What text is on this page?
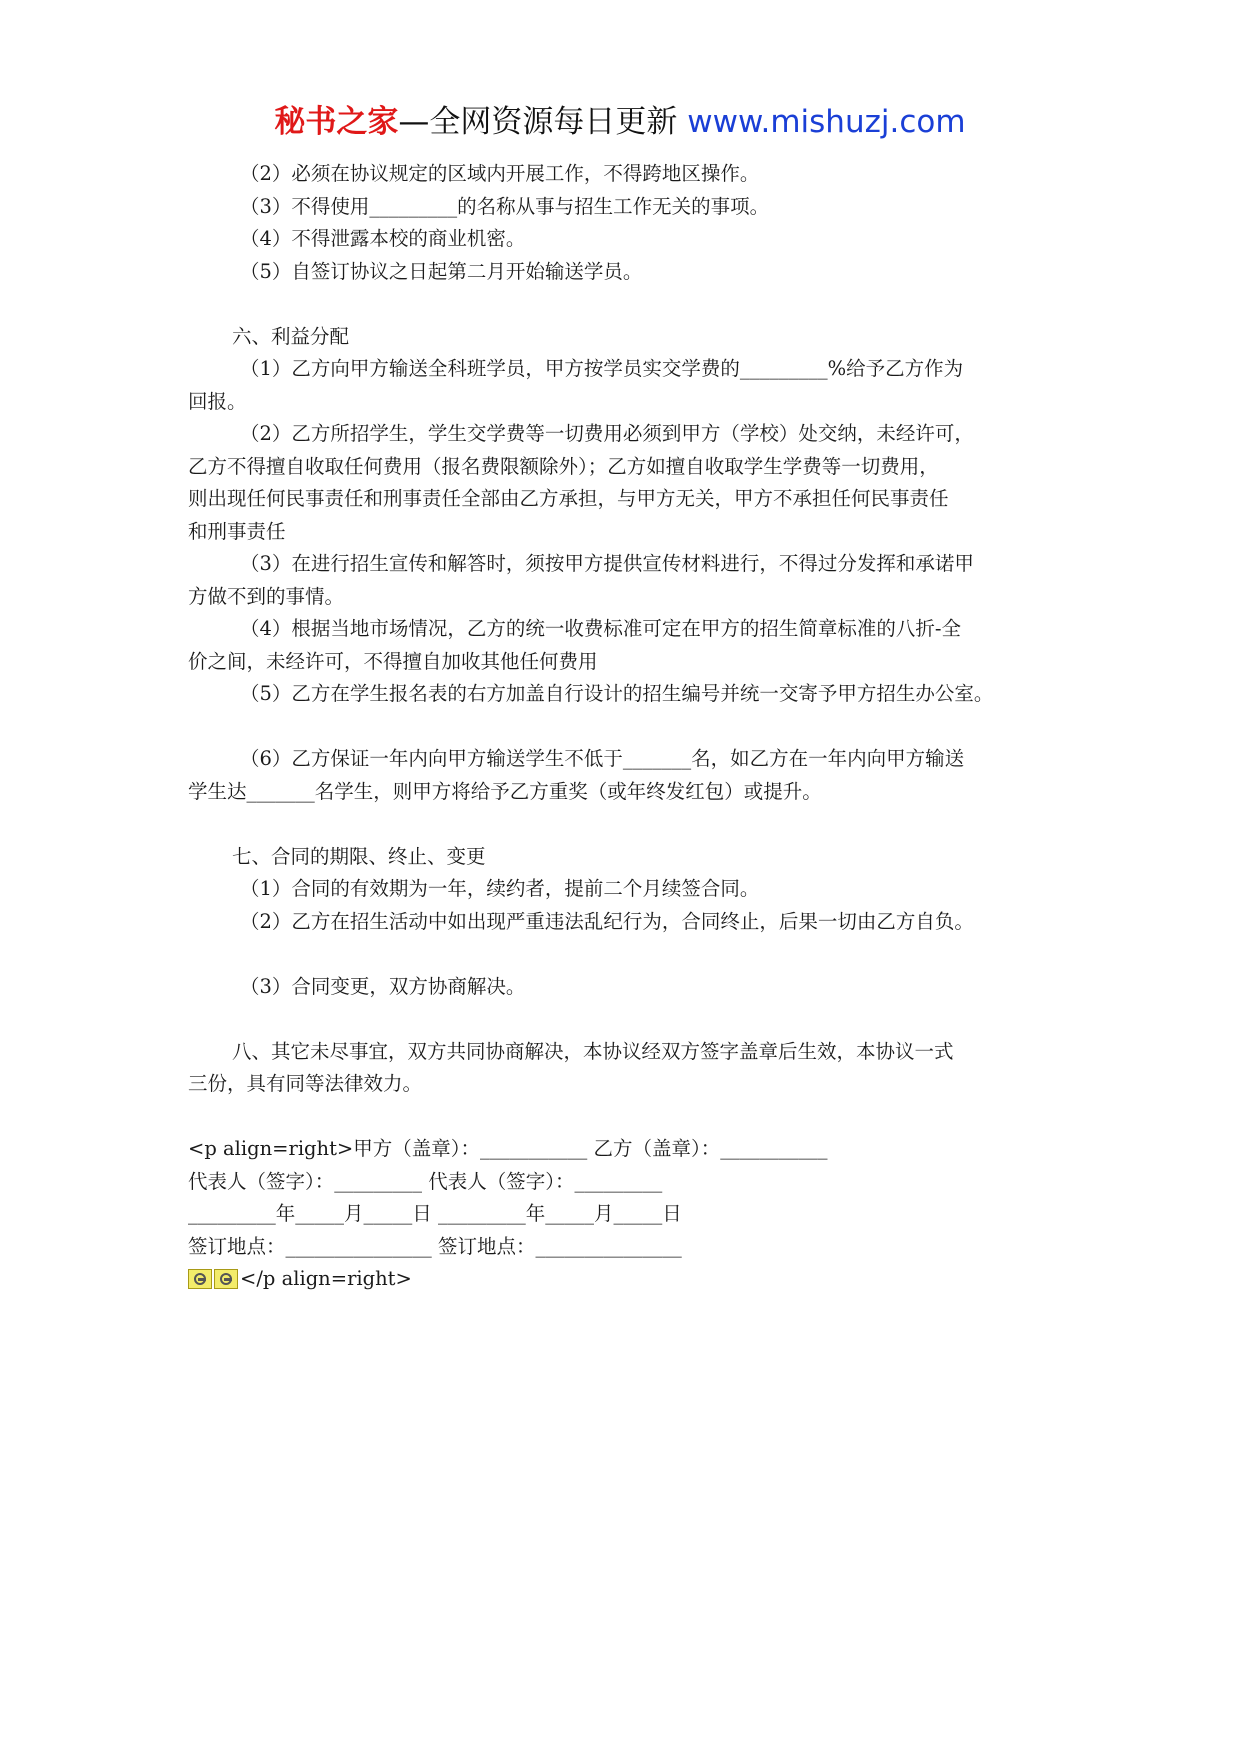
秘书之家—全网资源每日更新 www.mishuzj.com

（2）必须在协议规定的区域内开展工作，不得跨地区操作。

（3）不得使用_________的名称从事与招生工作无关的事项。

（4）不得泄露本校的商业机密。

（5）自签订协议之日起第二月开始输送学员。

六、利益分配

（1）乙方向甲方输送全科班学员，甲方按学员实交学费的_________%给予乙方作为

回报。

（2）乙方所招学生，学生交学费等一切费用必须到甲方（学校）处交纳，未经许可，

乙方不得擅自收取任何费用（报名费限额除外）；乙方如擅自收取学生学费等一切费用，

则出现任何民事责任和刑事责任全部由乙方承担，与甲方无关，甲方不承担任何民事责任

和刑事责任

（3）在进行招生宣传和解答时，须按甲方提供宣传材料进行，不得过分发挥和承诺甲

方做不到的事情。

（4）根据当地市场情况，乙方的统一收费标准可定在甲方的招生简章标准的八折-全

价之间，未经许可，不得擅自加收其他任何费用

（5）乙方在学生报名表的右方加盖自行设计的招生编号并统一交寄予甲方招生办公室。

（6）乙方保证一年内向甲方输送学生不低于_______名，如乙方在一年内向甲方输送

学生达_______名学生，则甲方将给予乙方重奖（或年终发红包）或提升。

七、合同的期限、终止、变更

（1）合同的有效期为一年，续约者，提前二个月续签合同。

（2）乙方在招生活动中如出现严重违法乱纪行为，合同终止，后果一切由乙方自负。

（3）合同变更，双方协商解决。

八、其它未尽事宜，双方共同协商解决，本协议经双方签字盖章后生效，本协议一式

三份，具有同等法律效力。

<p align=right>甲方（盖章）：___________ 乙方（盖章）：___________

代表人（签字）：_________ 代表人（签字）：_________

_________年_____月_____日 _________年_____月_____日

签订地点：_______________ 签订地点：_______________

</p align=right>
